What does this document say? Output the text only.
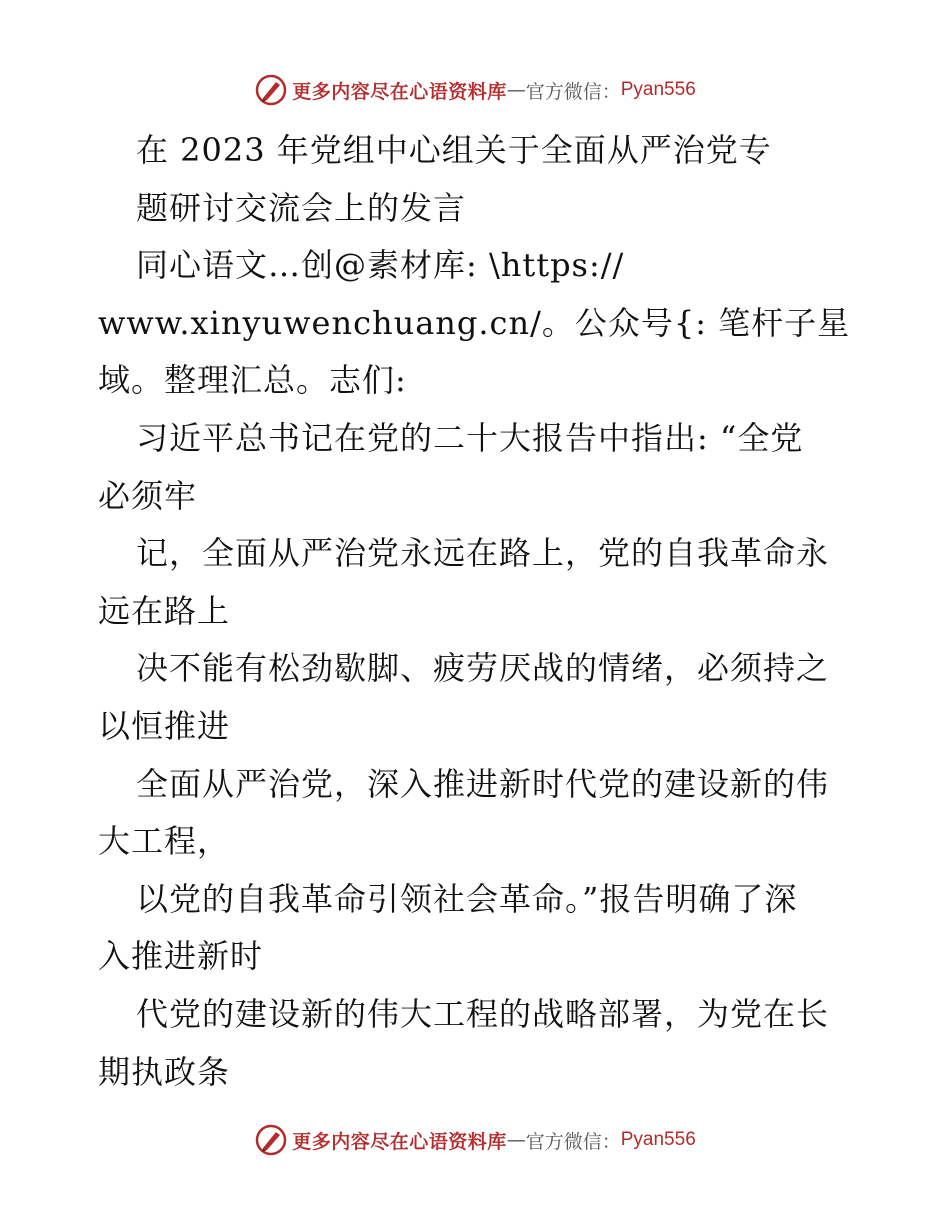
更多内容尽在心语资料库 — 官方微信： Pyan556
在 2023 年党组中心组关于全面从严治党专
题研讨交流会上的发言
同心语文…创@素材库: \https://
www.xinyuwenchuang.cn/。公众号{: 笔杆子星
域。整理汇总。志们:
习近平总书记在党的二十大报告中指出: “全党
必须牢
记，全面从严治党永远在路上，党的自我革命永
远在路上
决不能有松劲歇脚、疲劳厌战的情绪，必须持之
以恒推进
全面从严治党，深入推进新时代党的建设新的伟
大工程，
以党的自我革命引领社会革命。”报告明确了深
入推进新时
代党的建设新的伟大工程的战略部署，为党在长
期执政条
更多内容尽在心语资料库 — 官方微信： Pyan556
